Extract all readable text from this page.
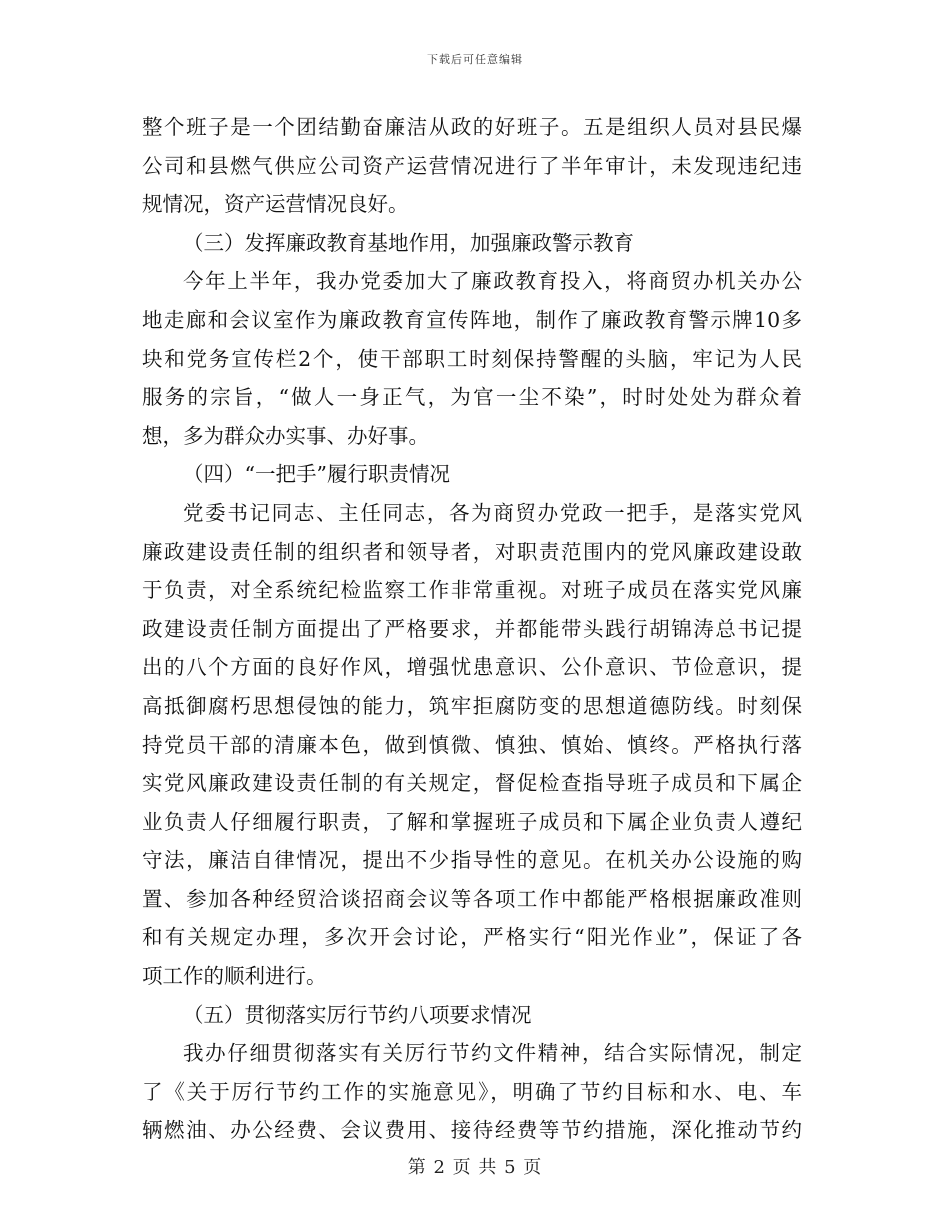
下载后可任意编辑
整个班子是一个团结勤奋廉洁从政的好班子。五是组织人员对县民爆
公司和县燃气供应公司资产运营情况进行了半年审计，未发现违纪违
规情况，资产运营情况良好。
（三）发挥廉政教育基地作用，加强廉政警示教育
今年上半年，我办党委加大了廉政教育投入，将商贸办机关办公
地走廊和会议室作为廉政教育宣传阵地，制作了廉政教育警示牌10多
块和党务宣传栏2个，使干部职工时刻保持警醒的头脑，牢记为人民
服务的宗旨，“做人一身正气，为官一尘不染”，时时处处为群众着
想，多为群众办实事、办好事。
（四）“一把手”履行职责情况
党委书记同志、主任同志，各为商贸办党政一把手，是落实党风
廉政建设责任制的组织者和领导者，对职责范围内的党风廉政建设敢
于负责，对全系统纪检监察工作非常重视。对班子成员在落实党风廉
政建设责任制方面提出了严格要求，并都能带头践行胡锦涛总书记提
出的八个方面的良好作风，增强忧患意识、公仆意识、节俭意识，提
高抵御腐朽思想侵蚀的能力，筑牢拒腐防变的思想道德防线。时刻保
持党员干部的清廉本色，做到慎微、慎独、慎始、慎终。严格执行落
实党风廉政建设责任制的有关规定，督促检查指导班子成员和下属企
业负责人仔细履行职责，了解和掌握班子成员和下属企业负责人遵纪
守法，廉洁自律情况，提出不少指导性的意见。在机关办公设施的购
置、参加各种经贸洽谈招商会议等各项工作中都能严格根据廉政准则
和有关规定办理，多次开会讨论，严格实行“阳光作业”，保证了各
项工作的顺利进行。
（五）贯彻落实厉行节约八项要求情况
我办仔细贯彻落实有关厉行节约文件精神，结合实际情况，制定
了《关于厉行节约工作的实施意见》，明确了节约目标和水、电、车
辆燃油、办公经费、会议费用、接待经费等节约措施，深化推动节约
第 2 页 共 5 页
